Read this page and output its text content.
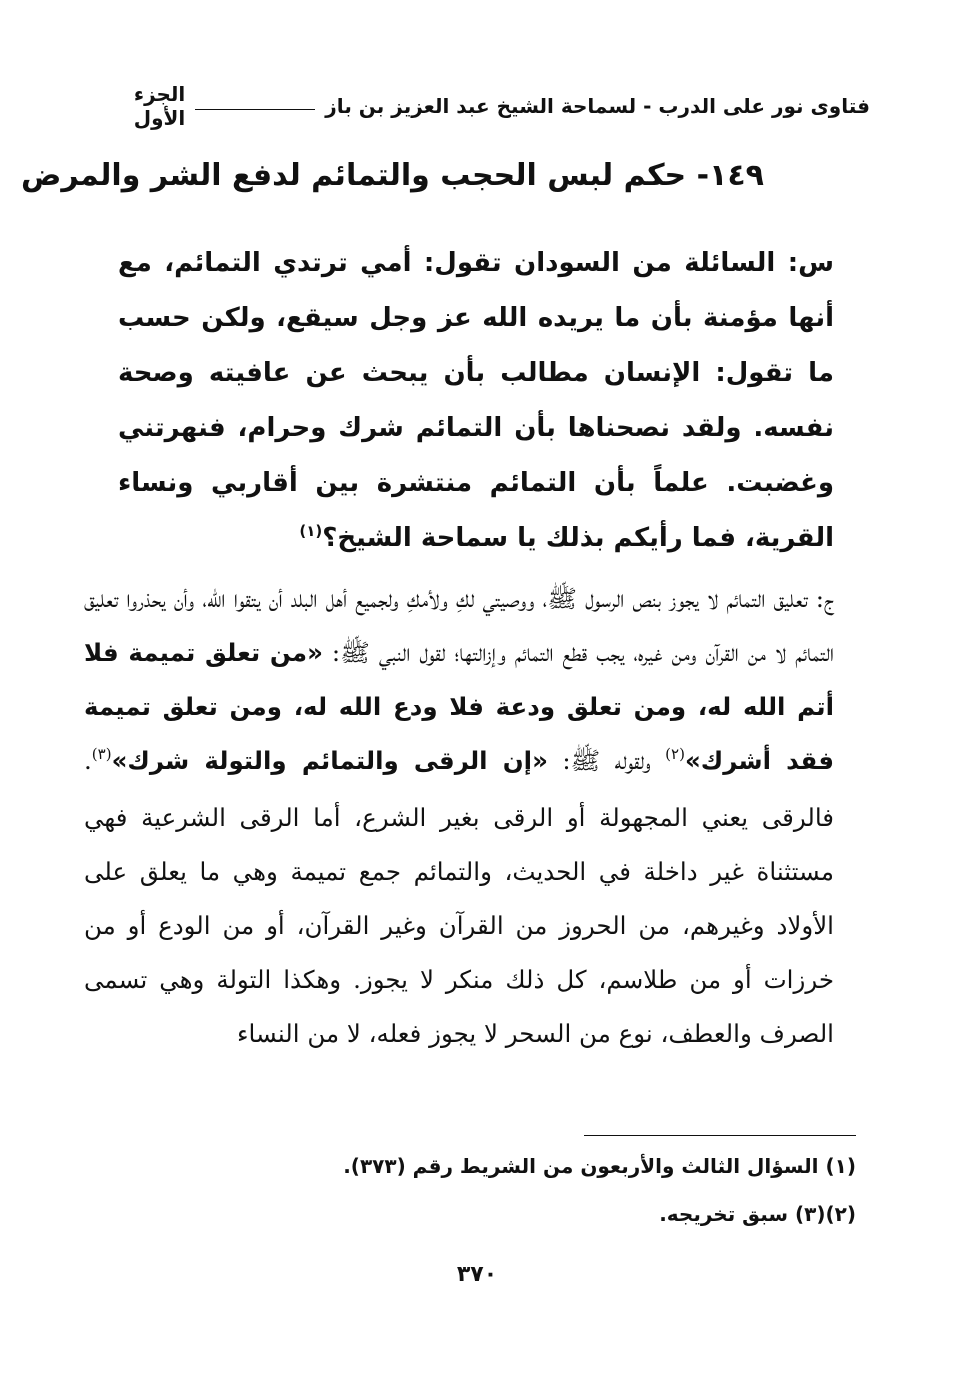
فتاوى نور على الدرب - لسماحة الشيخ عبد العزيز بن باز
الجزء الأول
١٤٩- حكم لبس الحجب والتمائم لدفع الشر والمرض
س: السائلة من السودان تقول: أمي ترتدي التمائم، مع أنها مؤمنة بأن ما يريده الله عز وجل سيقع، ولكن حسب ما تقول: الإنسان مطالب بأن يبحث عن عافيته وصحة نفسه. ولقد نصحناها بأن التمائم شرك وحرام، فنهرتني وغضبت. علماً بأن التمائم منتشرة بين أقاربي ونساء القرية، فما رأيكم بذلك يا سماحة الشيخ؟$^{(١)}$
ج: تعليق التمائم لا يجوز بنص الرسول ﷺ، ووصيتي لكِ ولأمكِ ولجميع أهل البلد أن يتقوا الله، وأن يحذروا تعليق التمائم لا من القرآن ومن غيره، يجب قطع التمائم وإزالتها؛ لقول النبي ﷺ: «من تعلق تميمة فلا أتم الله له، ومن تعلق ودعة فلا ودع الله له، ومن تعلق تميمة فقد أشرك»$^{(٢)}$ ولقوله ﷺ: «إن الرقى والتمائم والتولة شرك»$^{(٣)}$. فالرقى يعني المجهولة أو الرقى بغير الشرع، أما الرقى الشرعية فهي مستثناة غير داخلة في الحديث، والتمائم جمع تميمة وهي ما يعلق على الأولاد وغيرهم، من الحروز من القرآن وغير القرآن، أو من الودع أو من خرزات أو من طلاسم، كل ذلك منكر لا يجوز. وهكذا التولة وهي تسمى الصرف والعطف، نوع من السحر لا يجوز فعله، لا من النساء
(١) السؤال الثالث والأربعون من الشريط رقم (٣٧٣).
(٢)(٣) سبق تخريجه.
٣٧٠
